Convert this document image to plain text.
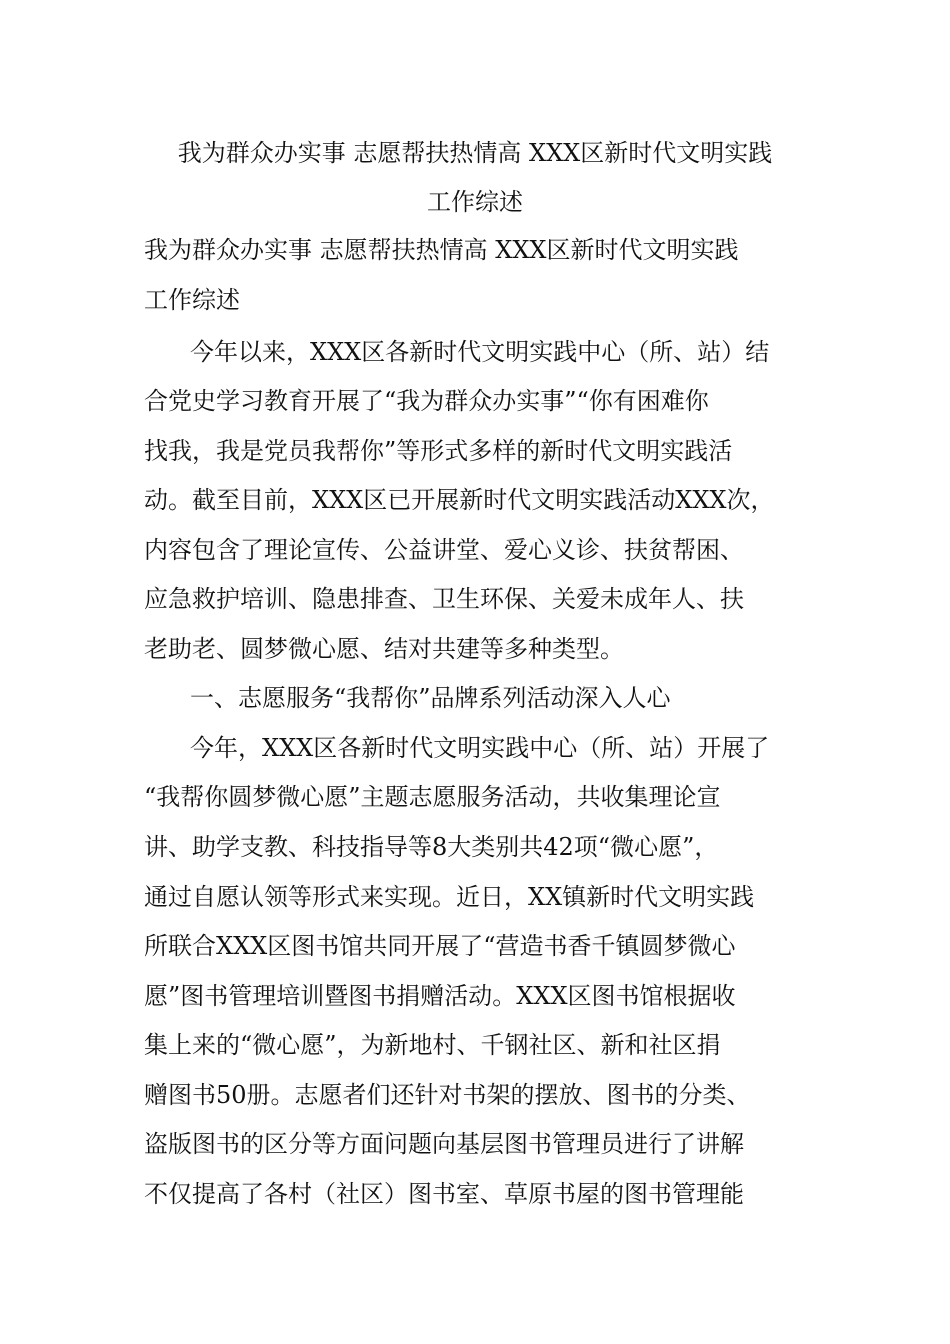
我为群众办实事 志愿帮扶热情高 XXX区新时代文明实践
工作综述
我为群众办实事 志愿帮扶热情高 XXX区新时代文明实践
工作综述
今年以来，XXX区各新时代文明实践中心（所、站）结
合党史学习教育开展了“我为群众办实事”“你有困难你
找我，我是党员我帮你”等形式多样的新时代文明实践活
动。截至目前，XXX区已开展新时代文明实践活动XXX次，
内容包含了理论宣传、公益讲堂、爱心义诊、扶贫帮困、
应急救护培训、隐患排查、卫生环保、关爱未成年人、扶
老助老、圆梦微心愿、结对共建等多种类型。
一、志愿服务“我帮你”品牌系列活动深入人心
今年，XXX区各新时代文明实践中心（所、站）开展了
“我帮你圆梦微心愿”主题志愿服务活动，共收集理论宣
讲、助学支教、科技指导等8大类别共42项“微心愿”，
通过自愿认领等形式来实现。近日，XX镇新时代文明实践
所联合XXX区图书馆共同开展了“营造书香千镇圆梦微心
愿”图书管理培训暨图书捐赠活动。XXX区图书馆根据收
集上来的“微心愿”，为新地村、千钢社区、新和社区捐
赠图书50册。志愿者们还针对书架的摆放、图书的分类、
盗版图书的区分等方面问题向基层图书管理员进行了讲解
不仅提高了各村（社区）图书室、草原书屋的图书管理能
